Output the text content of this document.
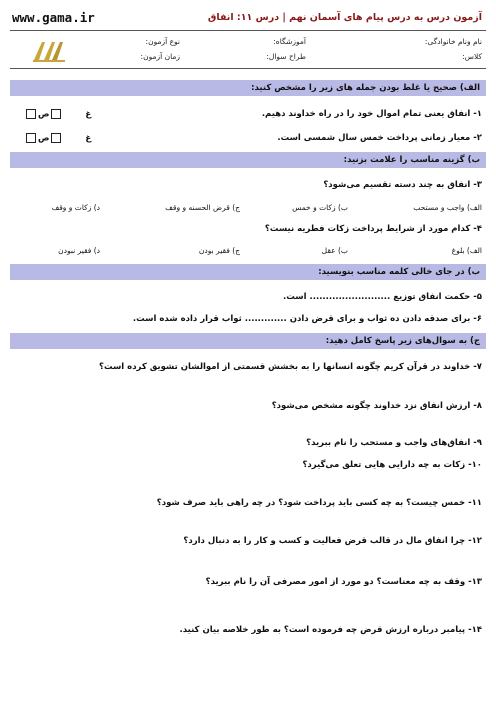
آزمون درس به درس پیام های آسمان نهم | درس ۱۱: انفاق
www.gama.ir
نام ونام خانوادگی:
آموزشگاه:
نوع آزمون:
کلاس:
طراح سوال:
زمان آزمون:
الف) صحیح یا غلط بودن جمله های زیر را مشخص کنید:
۱- انفاق یعنی تمام اموال خود را در راه خداوند دهیم.
غ  ص
۲- معیار زمانی پرداخت خمس سال شمسی است.
غ  ص
ب) گزینه مناسب را علامت بزنید:
۳- انفاق به چند دسته تقسیم می‌شود؟
الف) واجب و مستحب
ب) زکات و خمس
ج) قرض الحسنه و وقف
د) زکات و وقف
۴- کدام مورد از شرایط پرداخت زکات فطریه نیست؟
الف) بلوغ
ب) عقل
ج) فقیر بودن
د) فقیر نبودن
ب) در جای خالی کلمه مناسب بنویسید:
۵- حکمت انفاق توزیع ......................... است.
۶- برای صدقه دادن ده ثواب و برای قرض دادن ............. ثواب قرار داده شده است.
ج) به سوال‌های زیر پاسخ کامل دهید:
۷- خداوند در قرآن کریم چگونه انسانها را به بخشش قسمتی از اموالشان تشویق کرده است؟
۸- ارزش انفاق نزد خداوند چگونه مشخص می‌شود؟
۹- انفاق‌های واجب و مستحب را نام ببرید؟
۱۰- زکات به چه دارایی هایی تعلق می‌گیرد؟
۱۱- خمس چیست؟ به چه کسی باید پرداخت شود؟ در چه راهی باید صرف شود؟
۱۲- چرا انفاق مال در قالب قرض فعالیت و کسب و کار را به دنبال دارد؟
۱۳- وقف به چه معناست؟ دو مورد از امور مصرفی آن را نام ببرید؟
۱۴- پیامبر درباره ارزش قرض چه فرموده است؟ به طور خلاصه بیان کنید.
